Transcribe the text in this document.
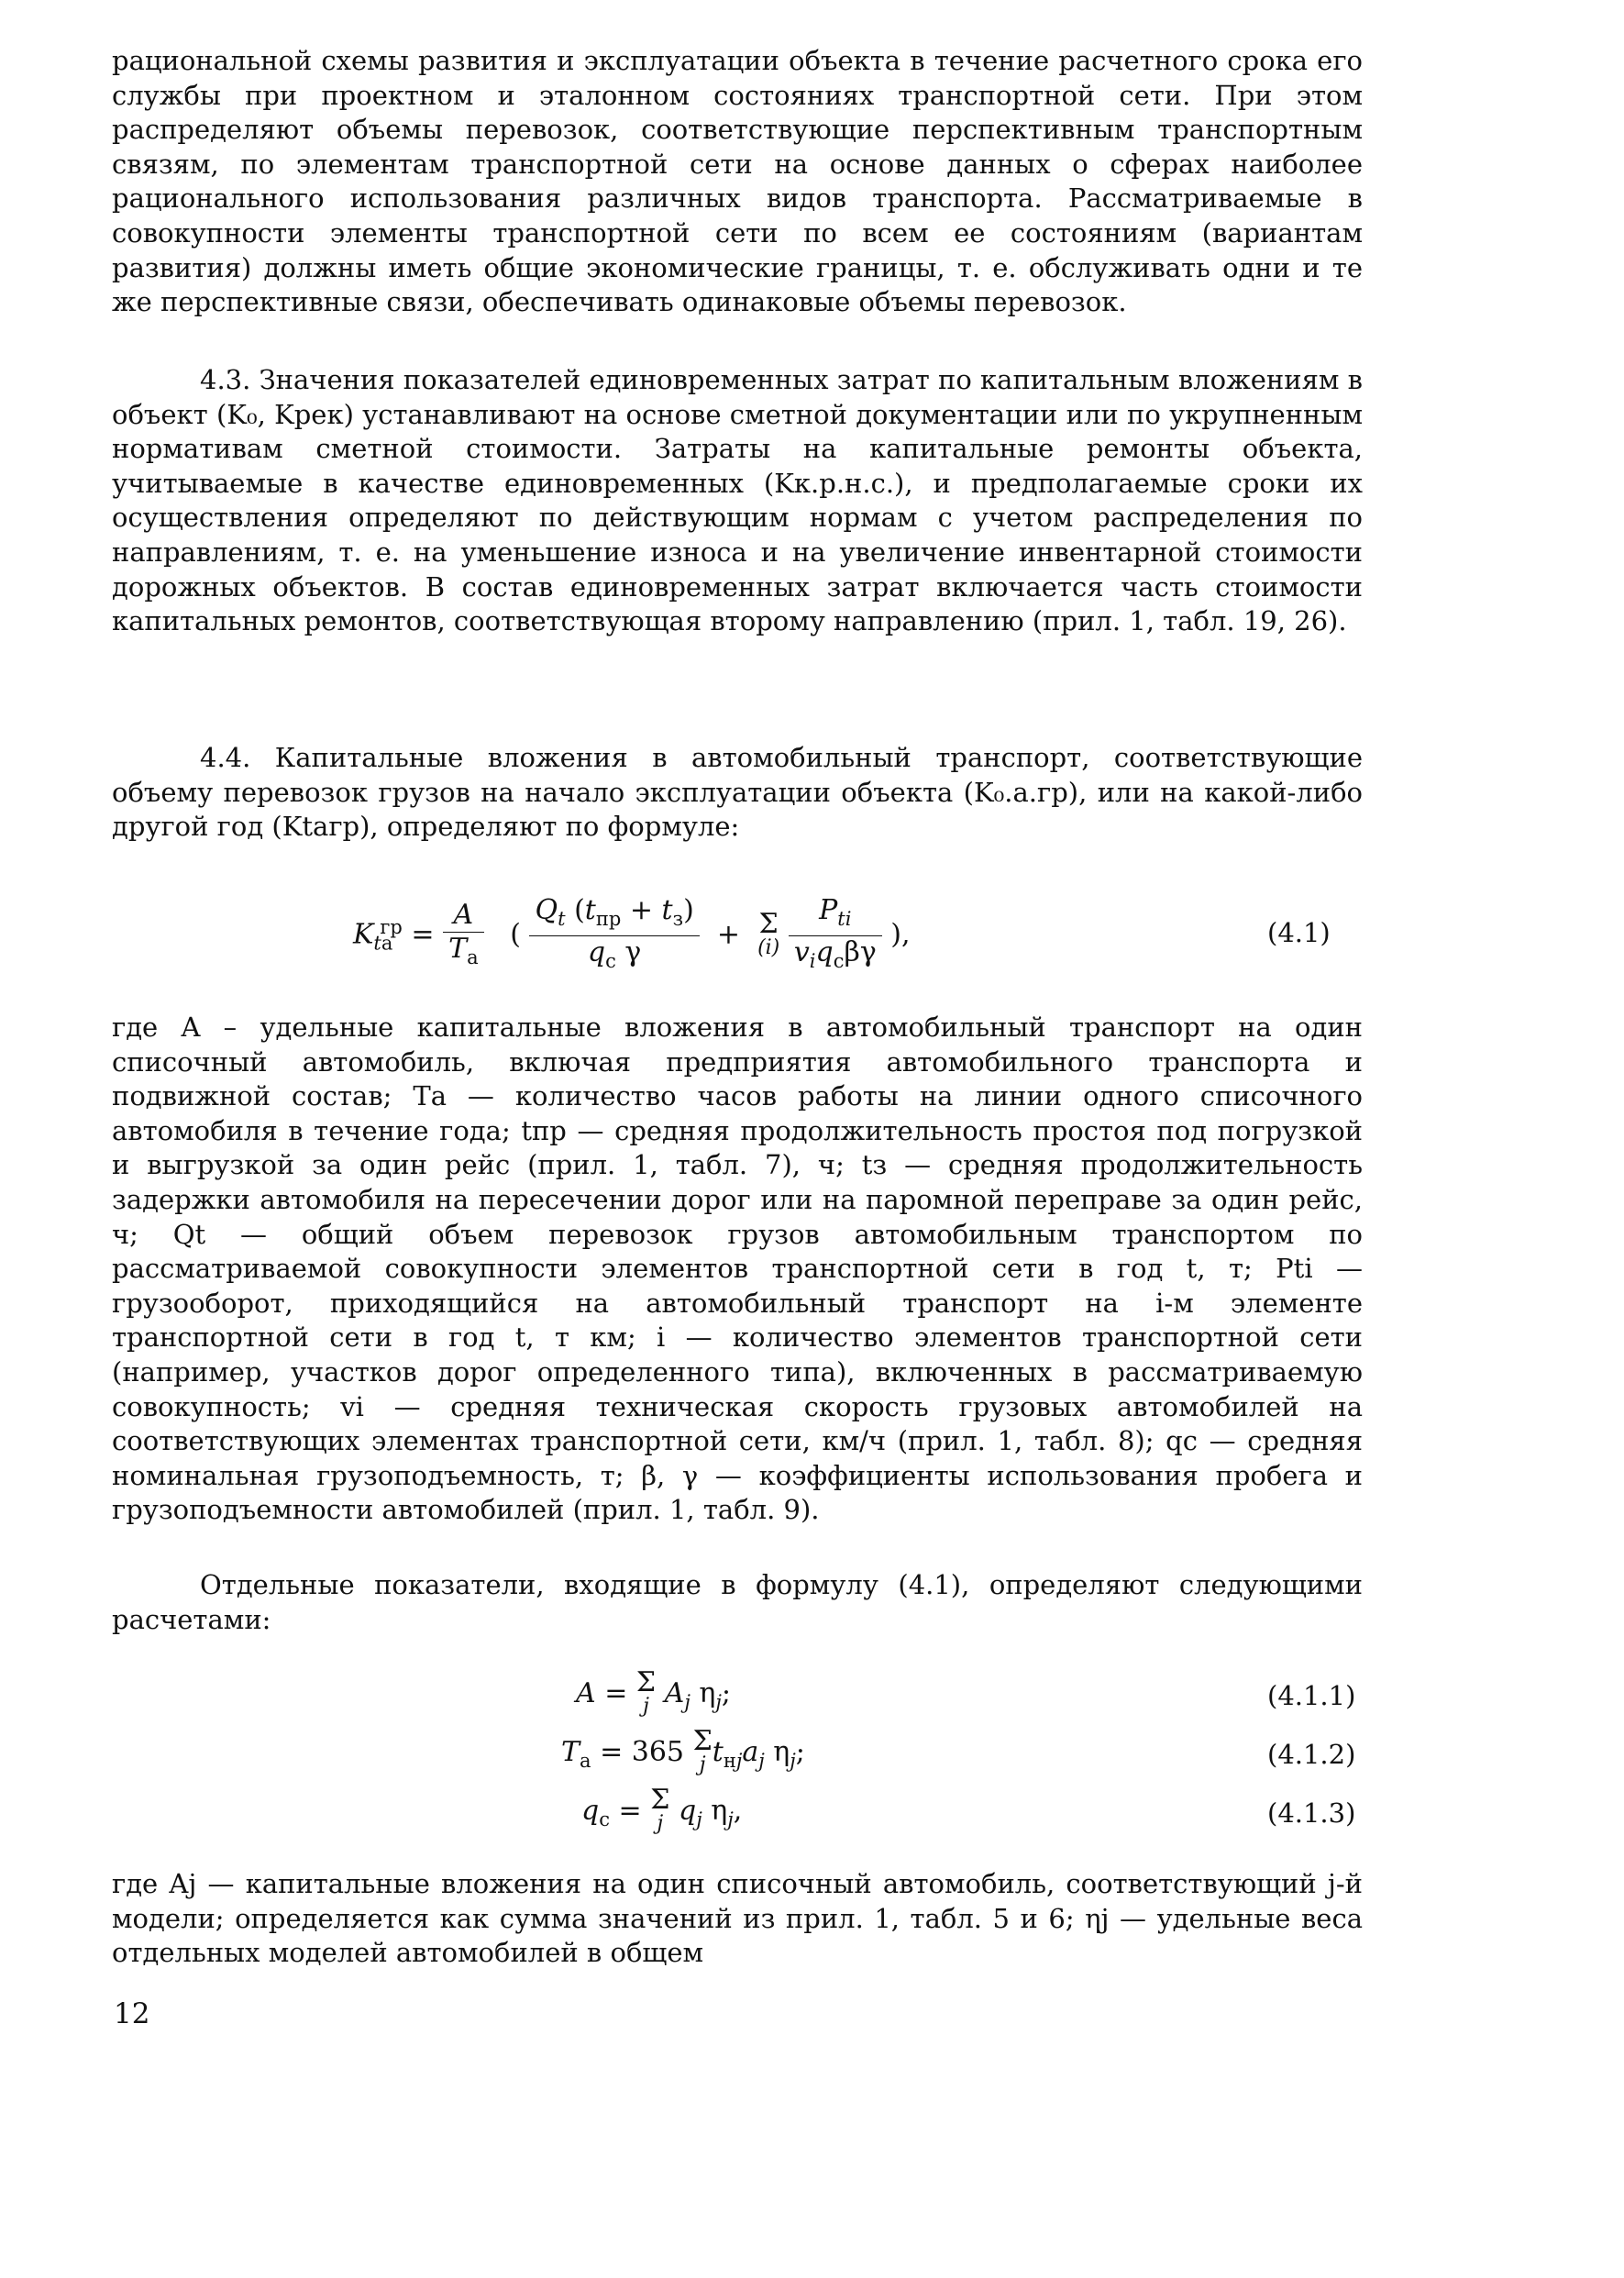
рациональной схемы развития и эксплуатации объекта в течение расчетного срока его службы при проектном и эталонном состояниях транспортной сети. При этом распределяют объемы перевозок, соответствующие перспективным транспортным связям, по элементам транспортной сети на основе данных о сферах наиболее рационального использования различных видов транспорта. Рассматриваемые в совокупности элементы транспортной сети по всем ее состояниям (вариантам развития) должны иметь общие экономические границы, т. е. обслуживать одни и те же перспективные связи, обеспечивать одинаковые объемы перевозок.
4.3. Значения показателей единовременных затрат по капитальным вложениям в объект (K₀, Kрек) устанавливают на основе сметной документации или по укрупненным нормативам сметной стоимости. Затраты на капитальные ремонты объекта, учитываемые в качестве единовременных (Kк.р.н.с.), и предполагаемые сроки их осуществления определяют по действующим нормам с учетом распределения по направлениям, т. е. на уменьшение износа и на увеличение инвентарной стоимости дорожных объектов. В состав единовременных затрат включается часть стоимости капитальных ремонтов, соответствующая второму направлению (прил. 1, табл. 19, 26).
4.4. Капитальные вложения в автомобильный транспорт, соответствующие объему перевозок грузов на начало эксплуатации объекта (K₀.а.гр), или на какой-либо другой год (Ktагр), определяют по формуле:
$K_{tа}^{гр} = \frac{A}{T_а}$ ( $\frac{Q_t (t_{пр} + t_з)}{q_с \gamma} + \Sigma$
(i)
$\frac{P_{ti}}{v_iq_с\beta\gamma}$ ),	(4.1)
где A – удельные капитальные вложения в автомобильный транспорт на один списочный автомобиль, включая предприятия автомобильного транспорта и подвижной состав; Tа — количество часов работы на линии одного списочного автомобиля в течение года; tпр — средняя продолжительность простоя под погрузкой и выгрузкой за один рейс (прил. 1, табл. 7), ч; tз — средняя продолжительность задержки автомобиля на пересечении дорог или на паромной переправе за один рейс, ч; Qt — общий объем перевозок грузов автомобильным транспортом по рассматриваемой совокупности элементов транспортной сети в год t, т; Pti — грузооборот, приходящийся на автомобильный транспорт на i-м элементе транспортной сети в год t, т км; i — количество элементов транспортной сети (например, участков дорог определенного типа), включенных в рассматриваемую совокупность; vi — средняя техническая скорость грузовых автомобилей на соответствующих элементах транспортной сети, км/ч (прил. 1, табл. 8); qc — средняя номинальная грузоподъемность, т; β, γ — коэффициенты использования пробега и грузоподъемности автомобилей (прил. 1, табл. 9).
Отдельные показатели, входящие в формулу (4.1), определяют следующими расчетами:
A = Σ
j $A_j$ $\eta_j$;	(4.1.1)
$T_а = 365$ Σ
j $t_{нj}a_j$ $\eta_j$;	(4.1.2)
$q_с = \Sigma$
j $q_j$ $\eta_j$,	(4.1.3)
где Aj — капитальные вложения на один списочный автомобиль, соответствующий j-й модели; определяется как сумма значений из прил. 1, табл. 5 и 6; ηj — удельные веса отдельных моделей автомобилей в общем
12
